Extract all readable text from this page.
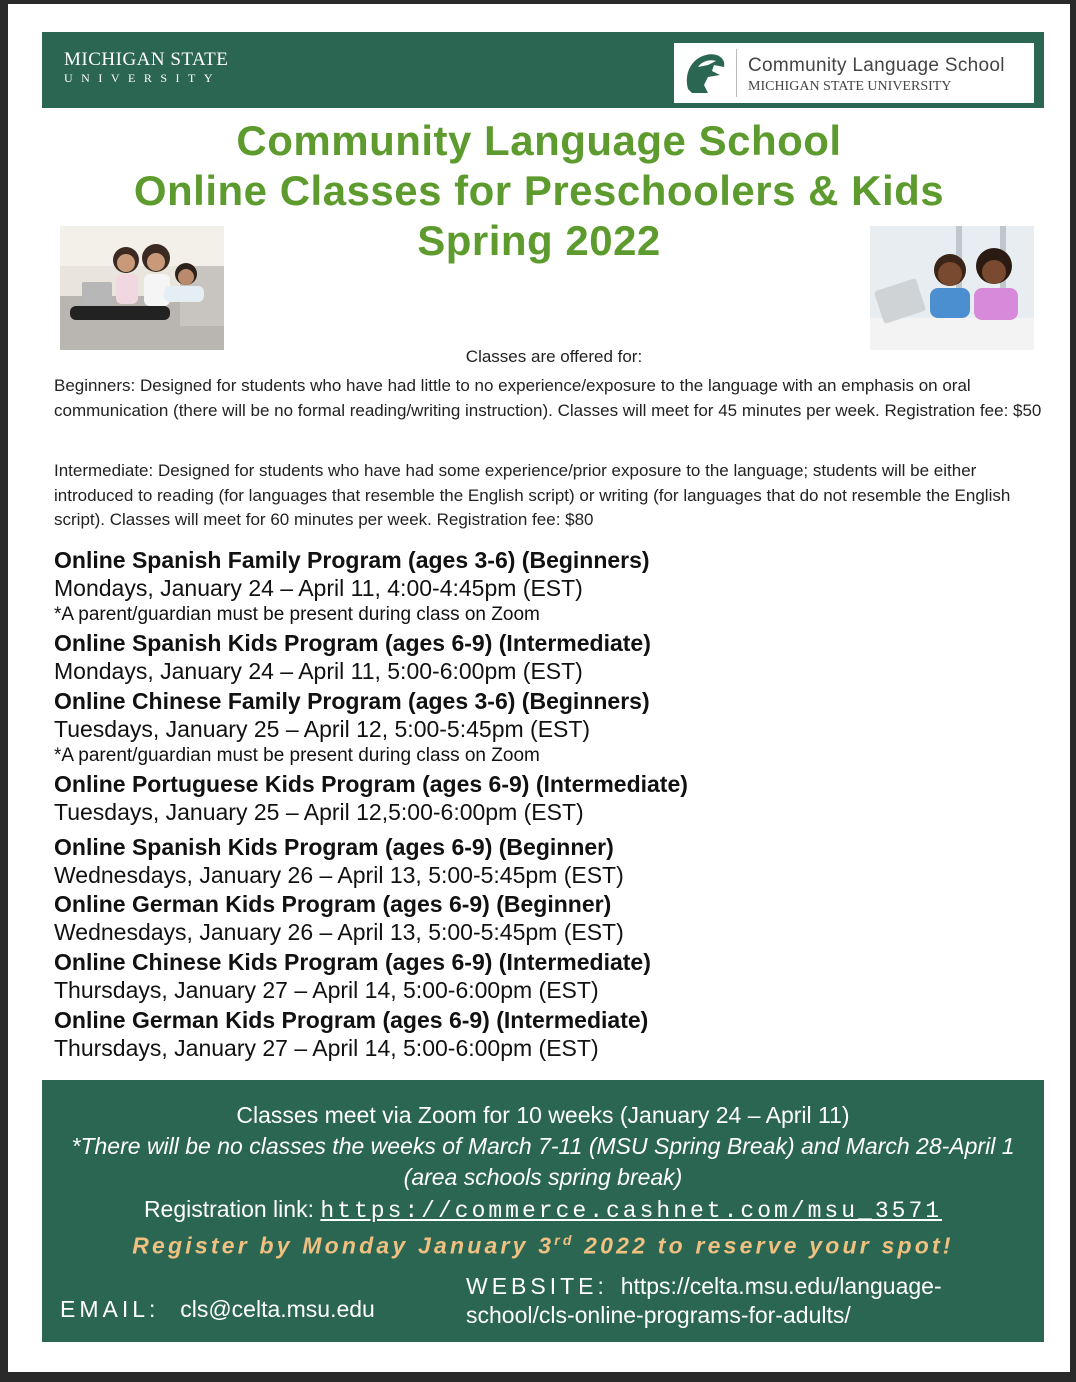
MICHIGAN STATE
UNIVERSITY
Community Language School
MICHIGAN STATE UNIVERSITY
Community Language School
Online Classes for Preschoolers & Kids
Spring 2022
Classes are offered for:
Beginners: Designed for students who have had little to no experience/exposure to the language with an emphasis on oral communication (there will be no formal reading/writing instruction). Classes will meet for 45 minutes per week. Registration fee: $50
Intermediate: Designed for students who have had some experience/prior exposure to the language; students will be either introduced to reading (for languages that resemble the English script) or writing (for languages that do not resemble the English script). Classes will meet for 60 minutes per week. Registration fee: $80
Online Spanish Family Program (ages 3-6) (Beginners)
Mondays, January 24 – April 11, 4:00-4:45pm (EST)
*A parent/guardian must be present during class on Zoom
Online Spanish Kids Program (ages 6-9) (Intermediate)
Mondays, January 24 – April 11, 5:00-6:00pm (EST)
Online Chinese Family Program (ages 3-6) (Beginners)
Tuesdays, January 25 – April 12, 5:00-5:45pm (EST)
*A parent/guardian must be present during class on Zoom
Online Portuguese Kids Program (ages 6-9) (Intermediate)
Tuesdays, January 25 – April 12,5:00-6:00pm (EST)
Online Spanish Kids Program (ages 6-9) (Beginner)
Wednesdays, January 26 – April 13, 5:00-5:45pm (EST)
Online German Kids Program (ages 6-9) (Beginner)
Wednesdays, January 26 – April 13, 5:00-5:45pm (EST)
Online Chinese Kids Program (ages 6-9) (Intermediate)
Thursdays, January 27 – April 14, 5:00-6:00pm (EST)
Online German Kids Program (ages 6-9) (Intermediate)
Thursdays, January 27 – April 14, 5:00-6:00pm (EST)
Classes meet via Zoom for 10 weeks (January 24 – April 11)
*There will be no classes the weeks of March 7-11 (MSU Spring Break) and March 28-April 1
(area schools spring break)
Registration link: https://commerce.cashnet.com/msu_3571
Register by Monday January 3rd 2022 to reserve your spot!
EMAIL: cls@celta.msu.edu
WEBSITE: https://celta.msu.edu/language-
school/cls-online-programs-for-adults/
